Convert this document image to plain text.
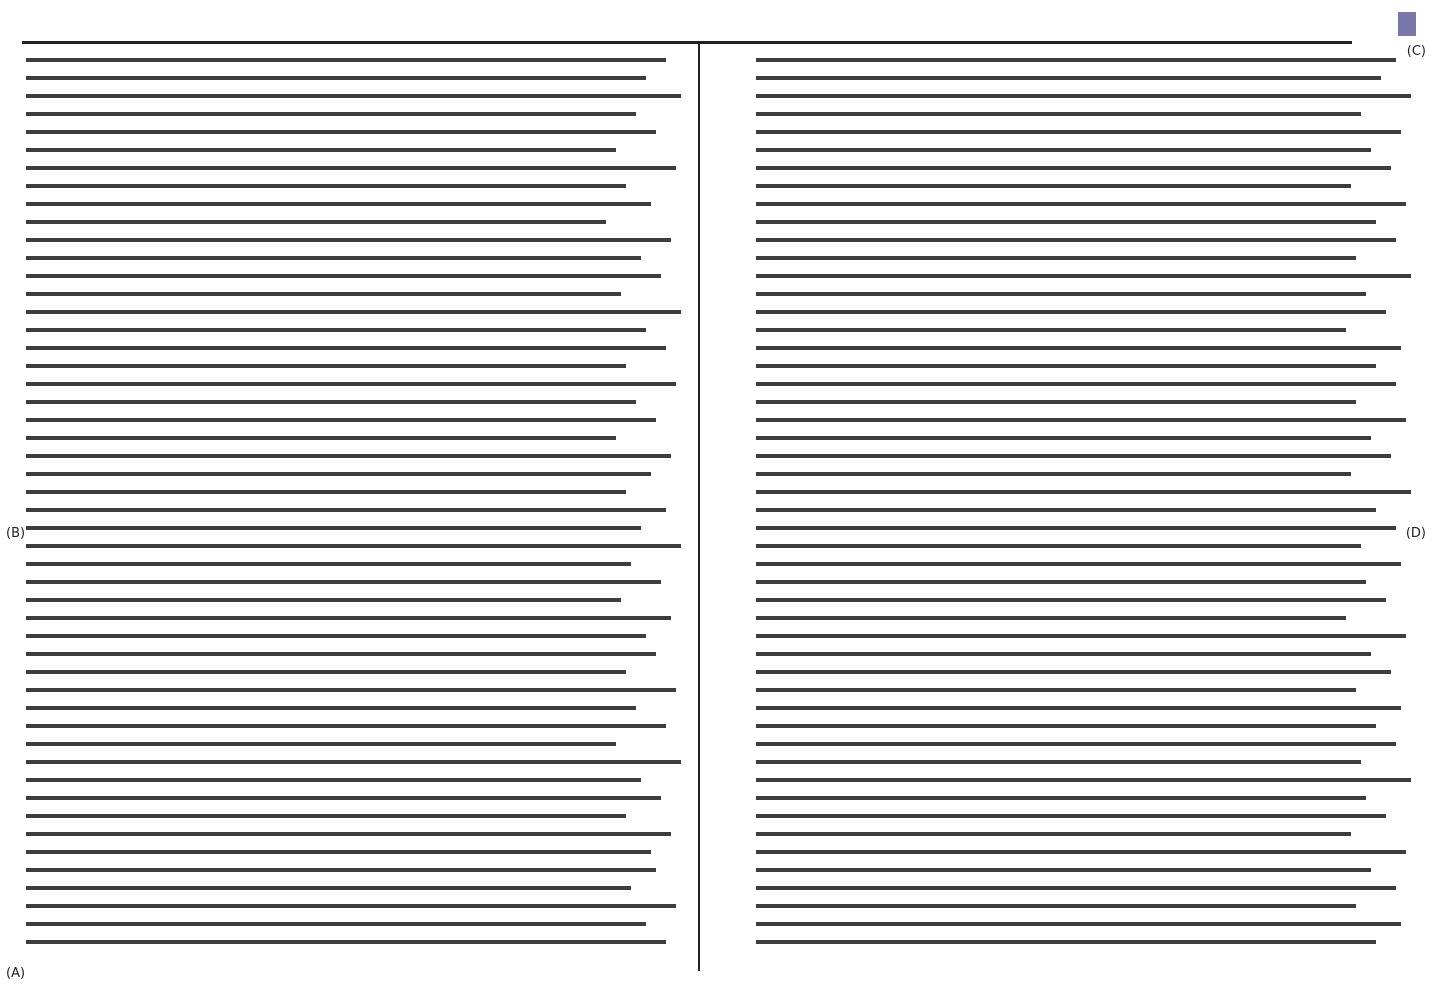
(A)
(B)
(C)
(D)
